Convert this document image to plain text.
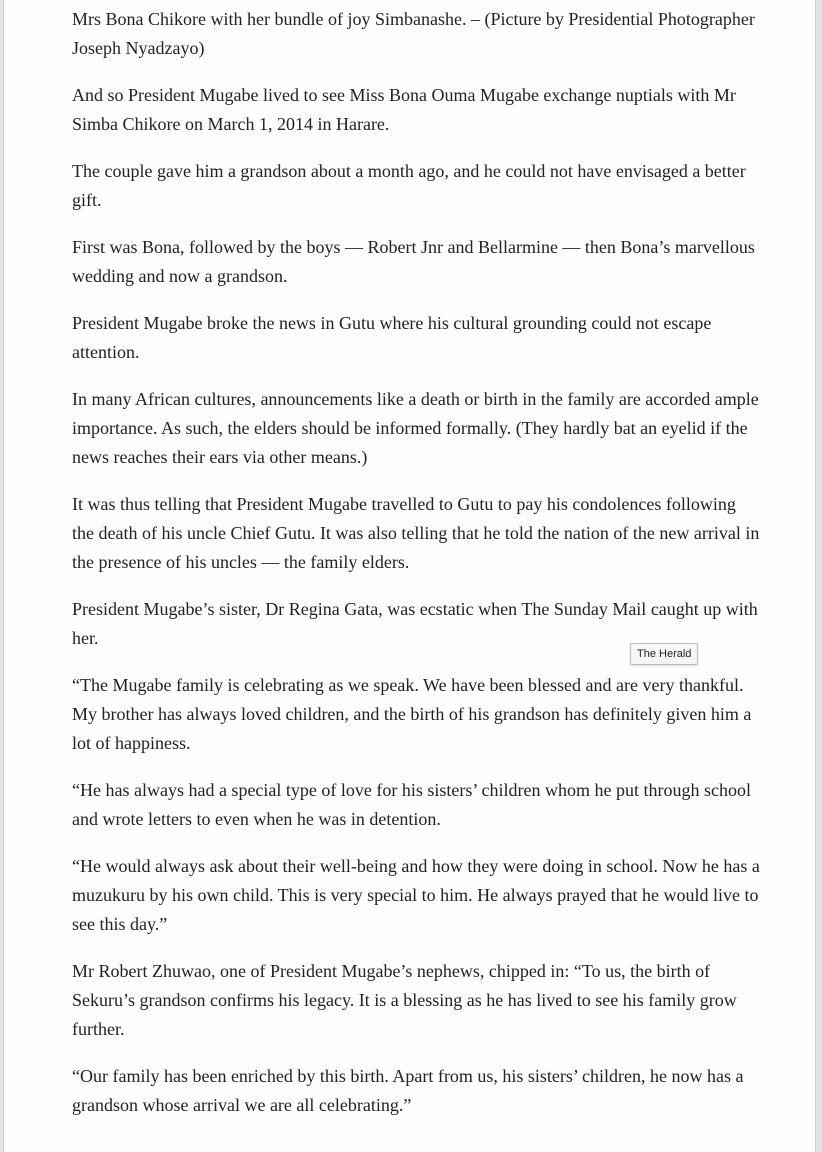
Mrs Bona Chikore with her bundle of joy Simbanashe. – (Picture by Presidential Photographer Joseph Nyadzayo)

And so President Mugabe lived to see Miss Bona Ouma Mugabe exchange nuptials with Mr Simba Chikore on March 1, 2014 in Harare.

The couple gave him a grandson about a month ago, and he could not have envisaged a better gift.

First was Bona, followed by the boys — Robert Jnr and Bellarmine — then Bona’s marvellous wedding and now a grandson.

President Mugabe broke the news in Gutu where his cultural grounding could not escape attention.

In many African cultures, announcements like a death or birth in the family are accorded ample importance. As such, the elders should be informed formally. (They hardly bat an eyelid if the news reaches their ears via other means.)

It was thus telling that President Mugabe travelled to Gutu to pay his condolences following the death of his uncle Chief Gutu. It was also telling that he told the nation of the new arrival in the presence of his uncles — the family elders.

President Mugabe’s sister, Dr Regina Gata, was ecstatic when The Sunday Mail caught up with her.

“The Mugabe family is celebrating as we speak. We have been blessed and are very thankful. My brother has always loved children, and the birth of his grandson has definitely given him a lot of happiness.

“He has always had a special type of love for his sisters’ children whom he put through school and wrote letters to even when he was in detention.

“He would always ask about their well-being and how they were doing in school. Now he has a muzukuru by his own child. This is very special to him. He always prayed that he would live to see this day.”

Mr Robert Zhuwao, one of President Mugabe’s nephews, chipped in: “To us, the birth of Sekuru’s grandson confirms his legacy. It is a blessing as he has lived to see his family grow further.

“Our family has been enriched by this birth. Apart from us, his sisters’ children, he now has a grandson whose arrival we are all celebrating.”

The Herald
